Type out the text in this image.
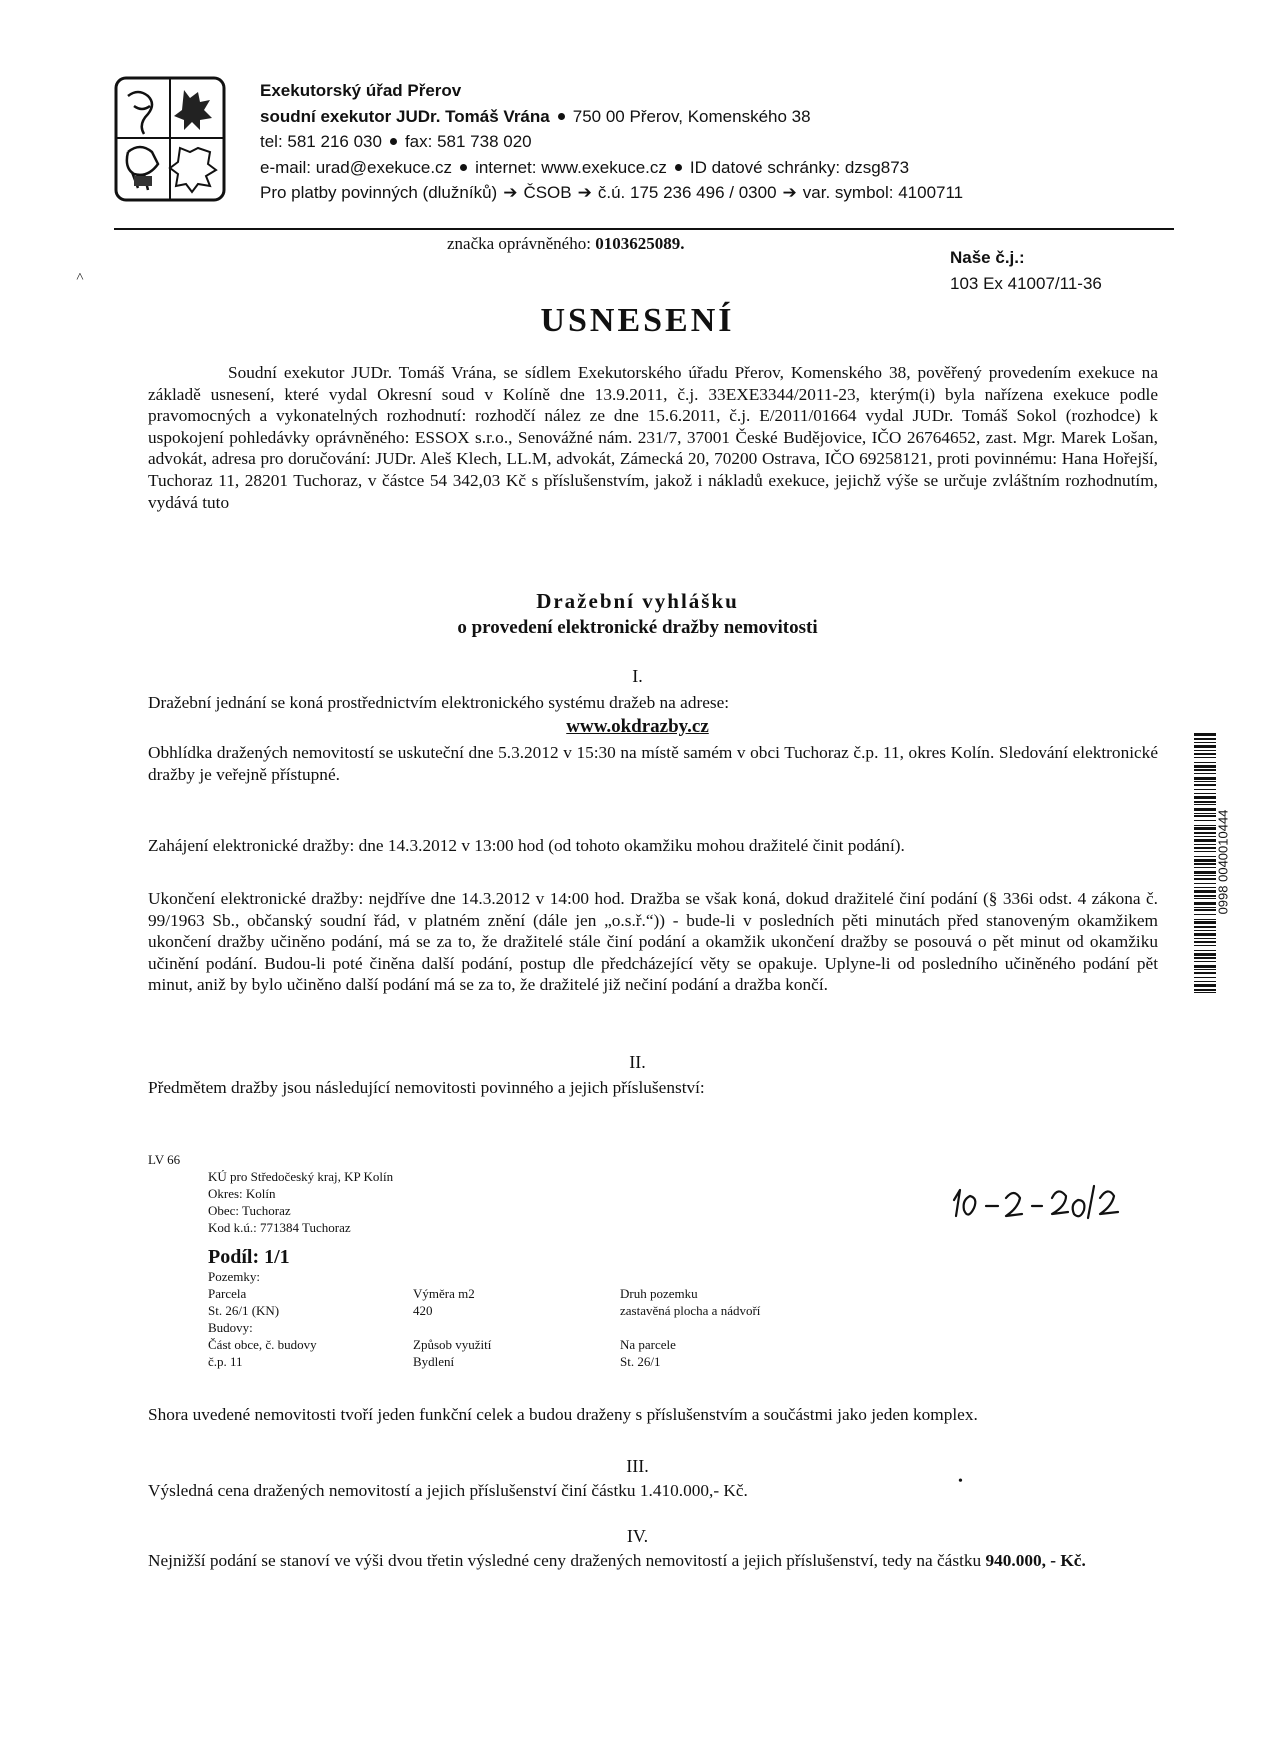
Exekutorský úřad Přerov
soudní exekutor JUDr. Tomáš Vrána 750 00 Přerov, Komenského 38
tel: 581 216 030 fax: 581 738 020
e-mail: urad@exekuce.cz internet: www.exekuce.cz ID datové schránky: dzsg873
Pro platby povinných (dlužníků) ➔ ČSOB ➔ č.ú. 175 236 496 / 0300 ➔ var. symbol: 4100711
značka oprávněného: 0103625089.
Naše č.j.:
103 Ex 41007/11-36
˄
USNESENÍ
Soudní exekutor JUDr. Tomáš Vrána, se sídlem Exekutorského úřadu Přerov, Komenského 38, pověřený provedením exekuce na základě usnesení, které vydal Okresní soud v Kolíně dne 13.9.2011, č.j. 33EXE3344/2011-23, kterým(i) byla nařízena exekuce podle pravomocných a vykonatelných rozhodnutí: rozhodčí nález ze dne 15.6.2011, č.j. E/2011/01664 vydal JUDr. Tomáš Sokol (rozhodce) k uspokojení pohledávky oprávněného: ESSOX s.r.o., Senovážné nám. 231/7, 37001 České Budějovice, IČO 26764652, zast. Mgr. Marek Lošan, advokát, adresa pro doručování: JUDr. Aleš Klech, LL.M, advokát, Zámecká 20, 70200 Ostrava, IČO 69258121, proti povinnému: Hana Hořejší, Tuchoraz 11, 28201 Tuchoraz, v částce 54 342,03 Kč s příslušenstvím, jakož i nákladů exekuce, jejichž výše se určuje zvláštním rozhodnutím, vydává tuto
Dražební vyhlášku
o provedení elektronické dražby nemovitosti
I.
Dražební jednání se koná prostřednictvím elektronického systému dražeb na adrese:
www.okdrazby.cz
Obhlídka dražených nemovitostí se uskuteční dne 5.3.2012 v 15:30 na místě samém v obci Tuchoraz č.p. 11, okres Kolín. Sledování elektronické dražby je veřejně přístupné.
Zahájení elektronické dražby: dne 14.3.2012 v 13:00 hod (od tohoto okamžiku mohou dražitelé činit podání).
Ukončení elektronické dražby: nejdříve dne 14.3.2012 v 14:00 hod. Dražba se však koná, dokud dražitelé činí podání (§ 336i odst. 4 zákona č. 99/1963 Sb., občanský soudní řád, v platném znění (dále jen „o.s.ř.“)) - bude-li v posledních pěti minutách před stanoveným okamžikem ukončení dražby učiněno podání, má se za to, že dražitelé stále činí podání a okamžik ukončení dražby se posouvá o pět minut od okamžiku učinění podání. Budou-li poté činěna další podání, postup dle předcházející věty se opakuje. Uplyne-li od posledního učiněného podání pět minut, aniž by bylo učiněno další podání má se za to, že dražitelé již nečiní podání a dražba končí.
II.
Předmětem dražby jsou následující nemovitosti povinného a jejich příslušenství:
LV 66
KÚ pro Středočeský kraj, KP Kolín
Okres: Kolín
Obec: Tuchoraz
Kod k.ú.: 771384 Tuchoraz
Podíl: 1/1
Pozemky:
Parcela	Výměra m2	Druh pozemku
St. 26/1 (KN)	420	zastavěná plocha a nádvoří
Budovy:
Část obce, č. budovy	Způsob využití	Na parcele
č.p. 11	Bydlení	St. 26/1
Shora uvedené nemovitosti tvoří jeden funkční celek a budou draženy s příslušenstvím a součástmi jako jeden komplex.
III.
Výsledná cena dražených nemovitostí a jejich příslušenství činí částku 1.410.000,- Kč.	•
IV.
Nejnižší podání se stanoví ve výši dvou třetin výsledné ceny dražených nemovitostí a jejich příslušenství, tedy na částku 940.000, - Kč.
0998 0040010444
